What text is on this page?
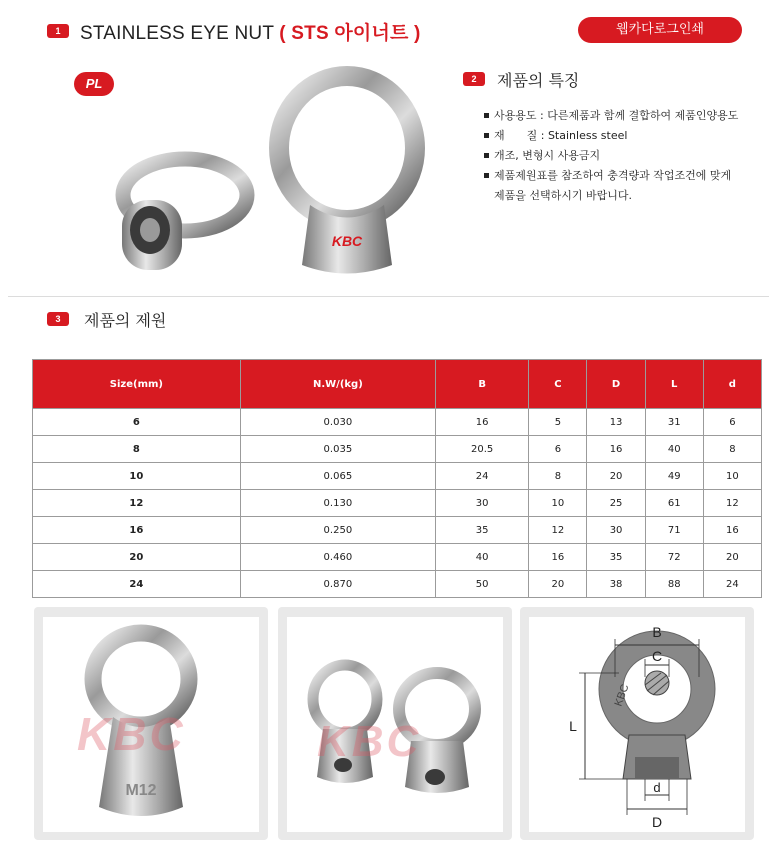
1	STAINLESS EYE NUT ( STS 아이너트 )	웹카다로그인쇄
PL
KBC
2	제품의 특징
사용용도 : 다른제품과 함께 결합하여 제품인양용도
재　　질 : Stainless steel
개조, 변형시 사용금지
제품제원표를 참조하여 충격량과 작업조건에 맞게
제품을 선택하시기 바랍니다.
3	제품의 제원
Size(mm)	N.W/(kg)	B	C	D	L	d
6	0.030	16	5	13	31	6
8	0.035	20.5	6	16	40	8
10	0.065	24	8	20	49	10
12	0.130	30	10	25	61	12
16	0.250	35	12	30	71	16
20	0.460	40	16	35	72	20
24	0.870	50	20	38	88	24
M12
KBC	KBC
KBC
B
C
L
d
D
